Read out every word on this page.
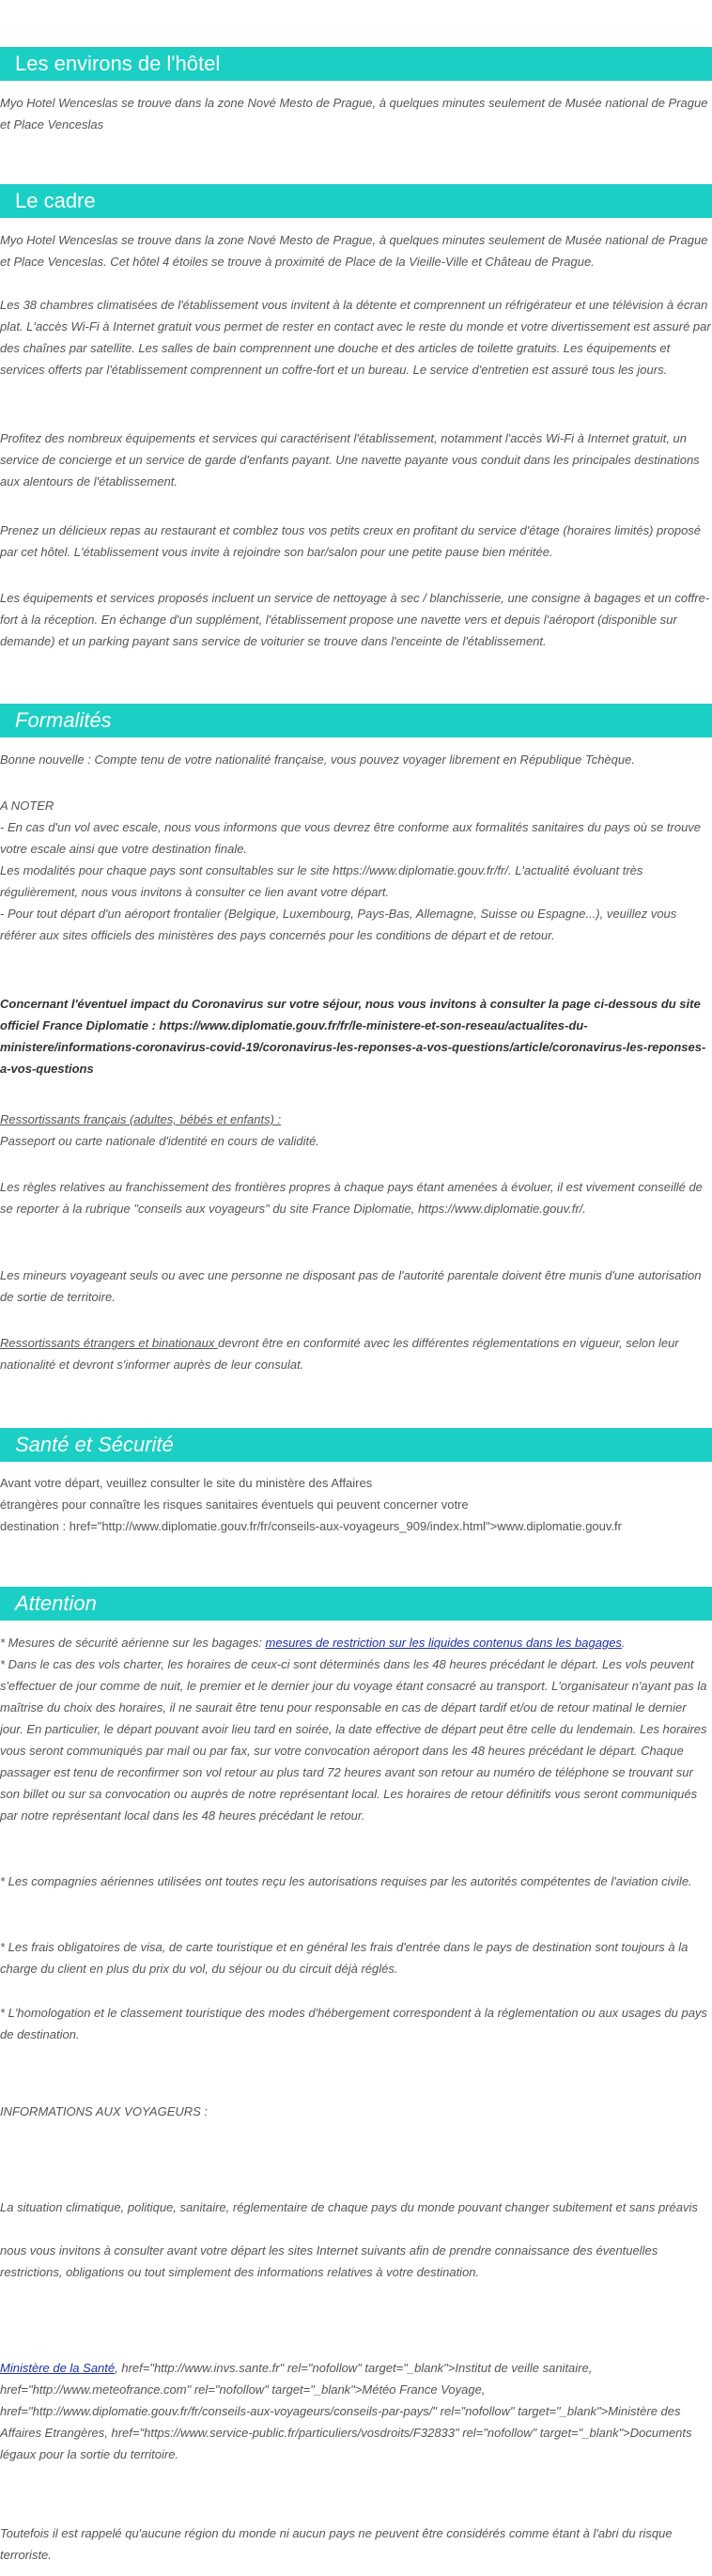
Les environs de l'hôtel

Myo Hotel Wenceslas se trouve dans la zone Nové Mesto de Prague, à quelques minutes seulement de Musée national de Prague et Place Venceslas

Le cadre

Myo Hotel Wenceslas se trouve dans la zone Nové Mesto de Prague, à quelques minutes seulement de Musée national de Prague et Place Venceslas. Cet hôtel 4 étoiles se trouve à proximité de Place de la Vieille-Ville et Château de Prague.

Les 38 chambres climatisées de l'établissement vous invitent à la détente et comprennent un réfrigérateur et une télévision à écran plat. L'accès Wi-Fi à Internet gratuit vous permet de rester en contact avec le reste du monde et votre divertissement est assuré par des chaînes par satellite. Les salles de bain comprennent une douche et des articles de toilette gratuits. Les équipements et services offerts par l'établissement comprennent un coffre-fort et un bureau. Le service d'entretien est assuré tous les jours.

Profitez des nombreux équipements et services qui caractérisent l'établissement, notamment l'accès Wi-Fi à Internet gratuit, un service de concierge et un service de garde d'enfants payant. Une navette payante vous conduit dans les principales destinations aux alentours de l'établissement.

Prenez un délicieux repas au restaurant et comblez tous vos petits creux en profitant du service d'étage (horaires limités) proposé par cet hôtel. L'établissement vous invite à rejoindre son bar/salon pour une petite pause bien méritée.

Les équipements et services proposés incluent un service de nettoyage à sec / blanchisserie, une consigne à bagages et un coffre-fort à la réception. En échange d'un supplément, l'établissement propose une navette vers et depuis l'aéroport (disponible sur demande) et un parking payant sans service de voiturier se trouve dans l'enceinte de l'établissement.

Formalités

Bonne nouvelle : Compte tenu de votre nationalité française, vous pouvez voyager librement en République Tchèque.

A NOTER

- En cas d'un vol avec escale, nous vous informons que vous devrez être conforme aux formalités sanitaires du pays où se trouve votre escale ainsi que votre destination finale.

Les modalités pour chaque pays sont consultables sur le site https://www.diplomatie.gouv.fr/fr/. L'actualité évoluant très régulièrement, nous vous invitons à consulter ce lien avant votre départ.

- Pour tout départ d'un aéroport frontalier (Belgique, Luxembourg, Pays-Bas, Allemagne, Suisse ou Espagne...), veuillez vous référer aux sites officiels des ministères des pays concernés pour les conditions de départ et de retour.

Concernant l'éventuel impact du Coronavirus sur votre séjour, nous vous invitons à consulter la page ci-dessous du site officiel France Diplomatie : https://www.diplomatie.gouv.fr/fr/le-ministere-et-son-reseau/actualites-du-ministere/informations-coronavirus-covid-19/coronavirus-les-reponses-a-vos-questions/article/coronavirus-les-reponses-a-vos-questions

Ressortissants français (adultes, bébés et enfants) :

Passeport ou carte nationale d'identité en cours de validité.

Les règles relatives au franchissement des frontières propres à chaque pays étant amenées à évoluer, il est vivement conseillé de se reporter à la rubrique "conseils aux voyageurs" du site France Diplomatie, https://www.diplomatie.gouv.fr/.

Les mineurs voyageant seuls ou avec une personne ne disposant pas de l'autorité parentale doivent être munis d'une autorisation de sortie de territoire.

Ressortissants étrangers et binationaux devront être en conformité avec les différentes réglementations en vigueur, selon leur nationalité et devront s'informer auprès de leur consulat.

Santé et Sécurité

Avant votre départ, veuillez consulter le site du ministère des Affaires

étrangères pour connaître les risques sanitaires éventuels qui peuvent concerner votre

destination : href="http://www.diplomatie.gouv.fr/fr/conseils-aux-voyageurs_909/index.html">www.diplomatie.gouv.fr

Attention

* Mesures de sécurité aérienne sur les bagages: mesures de restriction sur les liquides contenus dans les bagages.

* Dans le cas des vols charter, les horaires de ceux-ci sont déterminés dans les 48 heures précédant le départ. Les vols peuvent s'effectuer de jour comme de nuit, le premier et le dernier jour du voyage étant consacré au transport. L'organisateur n'ayant pas la maîtrise du choix des horaires, il ne saurait être tenu pour responsable en cas de départ tardif et/ou de retour matinal le dernier jour. En particulier, le départ pouvant avoir lieu tard en soirée, la date effective de départ peut être celle du lendemain. Les horaires vous seront communiqués par mail ou par fax, sur votre convocation aéroport dans les 48 heures précédant le départ. Chaque passager est tenu de reconfirmer son vol retour au plus tard 72 heures avant son retour au numéro de téléphone se trouvant sur son billet ou sur sa convocation ou auprès de notre représentant local. Les horaires de retour définitifs vous seront communiqués par notre représentant local dans les 48 heures précédant le retour.

* Les compagnies aériennes utilisées ont toutes reçu les autorisations requises par les autorités compétentes de l'aviation civile.

* Les frais obligatoires de visa, de carte touristique et en général les frais d'entrée dans le pays de destination sont toujours à la charge du client en plus du prix du vol, du séjour ou du circuit déjà réglés.

* L'homologation et le classement touristique des modes d'hébergement correspondent à la réglementation ou aux usages du pays de destination.

INFORMATIONS AUX VOYAGEURS :

La situation climatique, politique, sanitaire, réglementaire de chaque pays du monde pouvant changer subitement et sans préavis

nous vous invitons à consulter avant votre départ les sites Internet suivants afin de prendre connaissance des éventuelles restrictions, obligations ou tout simplement des informations relatives à votre destination.

Ministère de la Santé, href="http://www.invs.sante.fr" rel="nofollow" target="_blank">Institut de veille sanitaire, href="http://www.meteofrance.com" rel="nofollow" target="_blank">Météo France Voyage, href="http://www.diplomatie.gouv.fr/fr/conseils-aux-voyageurs/conseils-par-pays/" rel="nofollow" target="_blank">Ministère des Affaires Etrangères, href="https://www.service-public.fr/particuliers/vosdroits/F32833" rel="nofollow" target="_blank">Documents légaux pour la sortie du territoire.

Toutefois il est rappelé qu'aucune région du monde ni aucun pays ne peuvent être considérés comme étant à l'abri du risque terroriste.
